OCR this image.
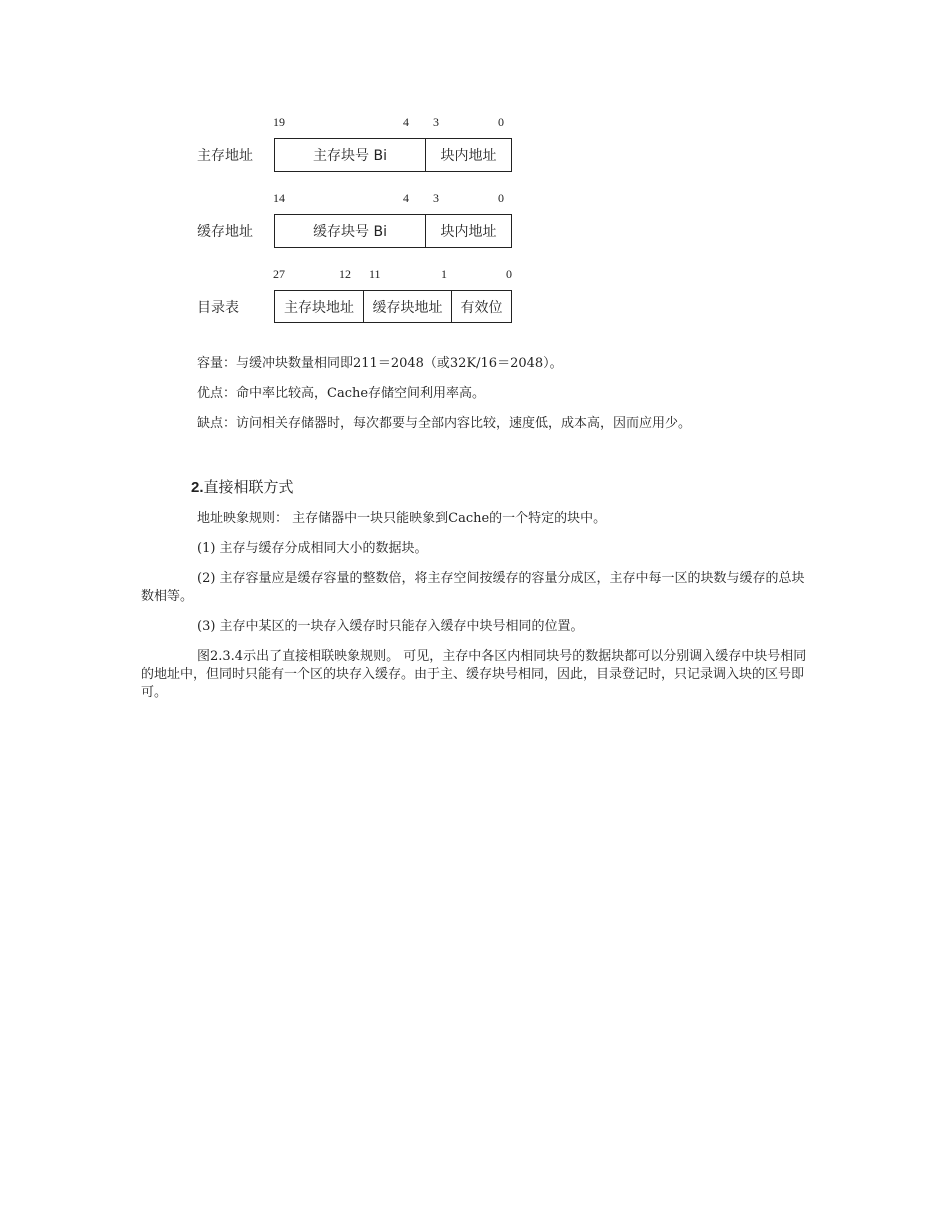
19	4 3	0
主存地址	主存块号 Bi	块内地址
14	4 3	0
缓存地址	缓存块号 Bi	块内地址
27	12 11	1	0
目录表	主存块地址	缓存块地址	有效位
容量：与缓冲块数量相同即211＝2048（或32K/16＝2048）。
优点：命中率比较高，Cache存储空间利用率高。
缺点：访问相关存储器时，每次都要与全部内容比较，速度低，成本高，因而应用少。
2.直接相联方式
地址映象规则： 主存储器中一块只能映象到Cache的一个特定的块中。
(1) 主存与缓存分成相同大小的数据块。
(2) 主存容量应是缓存容量的整数倍，将主存空间按缓存的容量分成区，主存中每一区的块数与缓存的总块数相等。
(3) 主存中某区的一块存入缓存时只能存入缓存中块号相同的位置。
图2.3.4示出了直接相联映象规则。 可见，主存中各区内相同块号的数据块都可以分别调入缓存中块号相同的地址中，但同时只能有一个区的块存入缓存。由于主、缓存块号相同，因此，目录登记时，只记录调入块的区号即可。
